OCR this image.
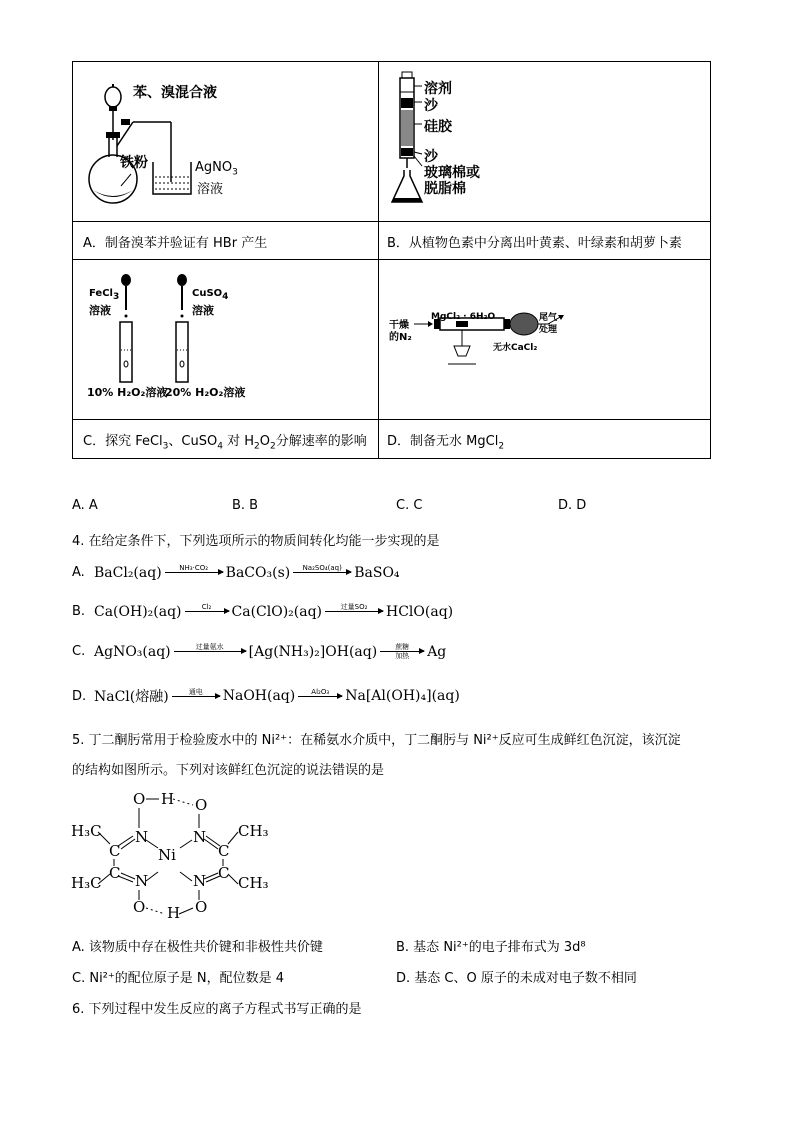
苯、溴混合液
铁粉	AgNO$_3$
溶液
A．制备溴苯并验证有 HBr 产生
溶剂
沙
硅胶
沙
玻璃棉或
脱脂棉
B．从植物色素中分离出叶黄素、叶绿素和胡萝卜素
FeCl$_3$
溶液
CuSO$_4$
溶液
10% H₂O₂溶液
20% H₂O₂溶液
C．探究 FeCl$_3$、CuSO$_4$ 对 $H_2O_2$分解速率的影响
干燥
的N₂
MgCl₂ · 6H₂O	尾气
处理
无水CaCl₂
D．制备无水 MgCl$_2$
A. A	B. B	C. C	D. D
4. 在给定条件下，下列选项所示的物质间转化均能一步实现的是
A. BaCl₂(aq)	NH₃·CO₂
BaCO₃(s) Na₂SO₄(aq)
BaSO₄
B. Ca(OH)₂(aq)	Cl₂
Ca(ClO)₂(aq)	过量SO₂
HClO(aq)
C. AgNO₃(aq)	过量氨水
[Ag(NH₃)₂]OH(aq)	蔗糖
加热 Ag
D. NaCl(熔融)	通电
NaOH(aq) Al₂O₃
Na[Al(OH)₄](aq)
5. 丁二酮肟常用于检验废水中的 Ni²⁺：在稀氨水介质中，丁二酮肟与 Ni²⁺反应可生成鲜红色沉淀，该沉淀
的结构如图所示。下列对该鲜红色沉淀的说法错误的是
O H O
N	N
H₃C	CH₃
C	C
Ni
C	C
H₃C	CH₃
N	N
O H O
A. 该物质中存在极性共价键和非极性共价键	B. 基态 Ni²⁺的电子排布式为 3d⁸
C. Ni²⁺的配位原子是 N，配位数是 4	D. 基态 C、O 原子的未成对电子数不相同
6. 下列过程中发生反应的离子方程式书写正确的是
